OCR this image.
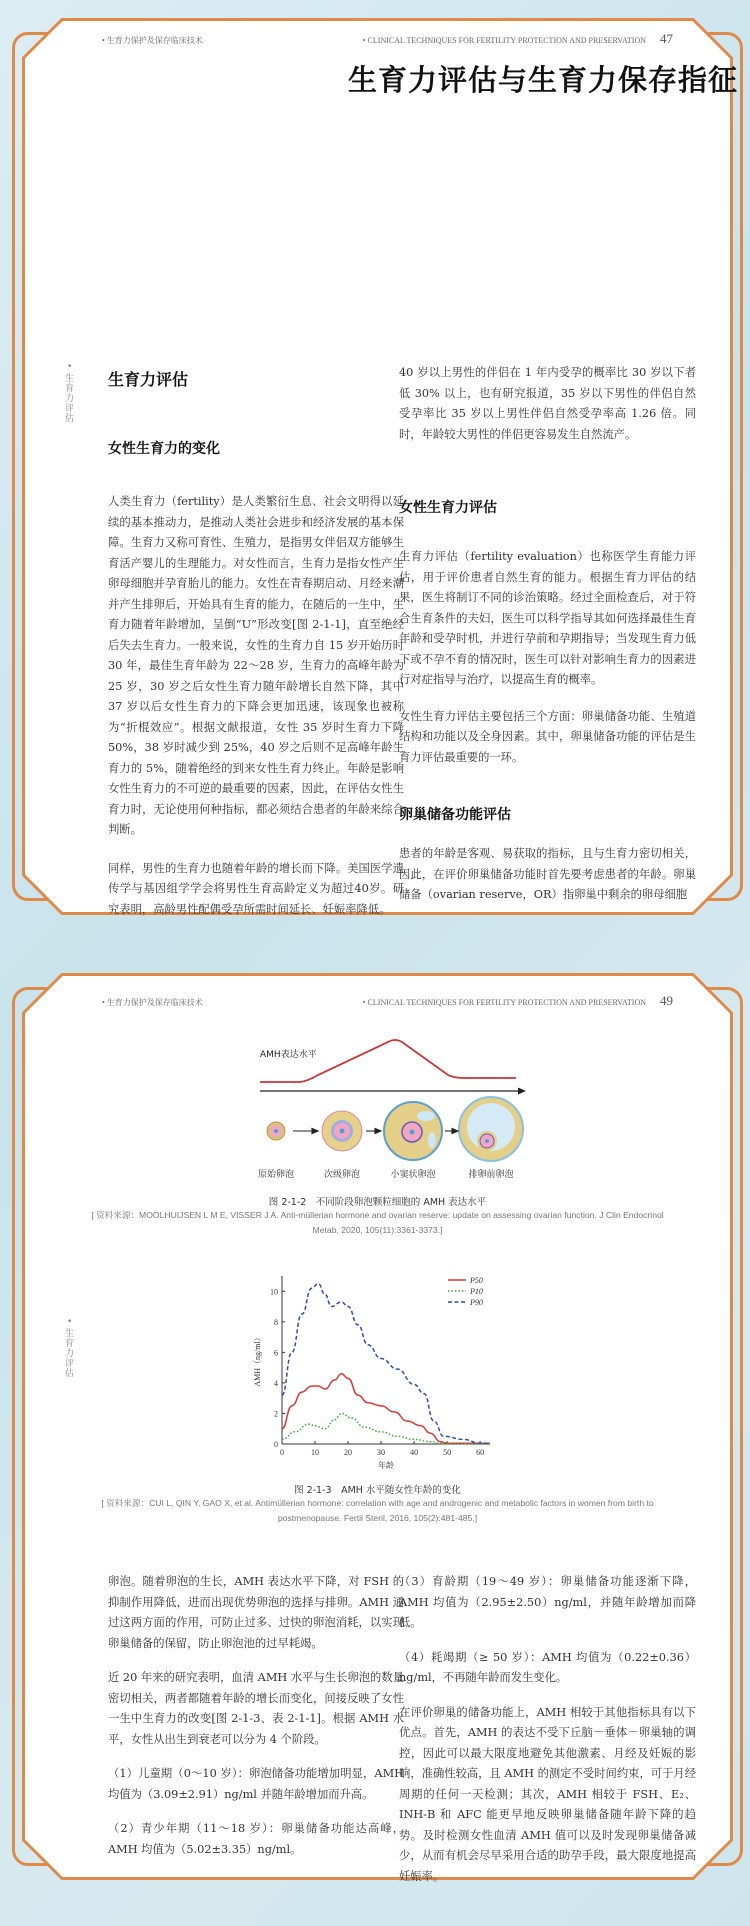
• 生育力保护及保存临床技术	• CLINICAL TECHNIQUES FOR FERTILITY PROTECTION AND PRESERVATION 47
生育力评估与生育力保存指征
• 生育力评估 生育力评估
女性生育力的变化

人类生育力（fertility）是人类繁衍生息、社会文明得以延续的基本推动力，是推动人类社会进步和经济发展的基本保障。生育力又称可育性、生殖力，是指男女伴侣双方能够生育活产婴儿的生理能力。对女性而言，生育力是指女性产生卵母细胞并孕育胎儿的能力。女性在青春期启动、月经来潮并产生排卵后，开始具有生育的能力，在随后的一生中，生育力随着年龄增加，呈倒“U”形改变[图 2-1-1]，直至绝经后失去生育力。一般来说，女性的生育力自 15 岁开始历时 30 年，最佳生育年龄为 22～28 岁，生育力的高峰年龄为 25 岁，30 岁之后女性生育力随年龄增长自然下降，其中 37 岁以后女性生育力的下降会更加迅速，该现象也被称为“折棍效应”。根据文献报道，女性 35 岁时生育力下降 50%，38 岁时减少到 25%，40 岁之后则不足高峰年龄生育力的 5%，随着绝经的到来女性生育力终止。年龄是影响女性生育力的不可逆的最重要的因素，因此，在评估女性生育力时，无论使用何种指标，都必须结合患者的年龄来综合判断。

同样，男性的生育力也随着年龄的增长而下降。美国医学遗传学与基因组学学会将男性生育高龄定义为超过40岁。研究表明，高龄男性配偶受孕所需时间延长、妊娠率降低。

40 岁以上男性的伴侣在 1 年内受孕的概率比 30 岁以下者低 30% 以上，也有研究报道，35 岁以下男性的伴侣自然受孕率比 35 岁以上男性伴侣自然受孕率高 1.26 倍。同时，年龄较大男性的伴侣更容易发生自然流产。

女性生育力评估

生育力评估（fertility evaluation）也称医学生育能力评估，用于评价患者自然生育的能力。根据生育力评估的结果，医生将制订不同的诊治策略。经过全面检查后，对于符合生育条件的夫妇，医生可以科学指导其如何选择最佳生育年龄和受孕时机，并进行孕前和孕期指导；当发现生育力低下或不孕不育的情况时，医生可以针对影响生育力的因素进行对症指导与治疗，以提高生育的概率。

女性生育力评估主要包括三个方面：卵巢储备功能、生殖道结构和功能以及全身因素。其中，卵巢储备功能的评估是生育力评估最重要的一环。

卵巢储备功能评估

患者的年龄是客观、易获取的指标，且与生育力密切相关，因此，在评价卵巢储备功能时首先要考虑患者的年龄。卵巢储备（ovarian reserve，OR）指卵巢中剩余的卵母细胞

• 生育力保护及保存临床技术	• CLINICAL TECHNIQUES FOR FERTILITY PROTECTION AND PRESERVATION 49
• 生育力评估
AMH表达水平
原始卵泡	次级卵泡	小窦状卵泡	排卵前卵泡
图 2-1-2　不同阶段卵泡颗粒细胞的 AMH 表达水平
[ 资料来源：MOOLHUIJSEN L M E, VISSER J A. Anti-müllerian hormone and ovarian reserve: update on assessing ovarian function. J Clin Endocrinol Metab, 2020, 105(11):3361-3373.]
0	10	20	30	40	50	60
0
2
4
6
8
10
年龄
AMH（ng/ml）
P50
P10
P90
图 2-1-3　AMH 水平随女性年龄的变化
[ 资料来源：CUI L, QIN Y, GAO X, et al. Antimüllerian hormone: correlation with age and androgenic and metabolic factors in women from birth to postmenopause. Fertil Steril, 2016, 105(2):481-485.]

卵泡。随着卵泡的生长，AMH 表达水平下降，对 FSH 的抑制作用降低，进而出现优势卵泡的选择与排卵。AMH 通过这两方面的作用，可防止过多、过快的卵泡消耗，以实现卵巢储备的保留，防止卵泡池的过早耗竭。

近 20 年来的研究表明，血清 AMH 水平与生长卵泡的数量密切相关，两者都随着年龄的增长而变化，间接反映了女性一生中生育力的改变[图 2-1-3、表 2-1-1]。根据 AMH 水平，女性从出生到衰老可以分为 4 个阶段。

（1）儿童期（0～10 岁）：卵泡储备功能增加明显，AMH 均值为（3.09±2.91）ng/ml 并随年龄增加而升高。

（2）青少年期（11～18 岁）：卵巢储备功能达高峰，AMH 均值为（5.02±3.35）ng/ml。

（3）育龄期（19～49 岁）：卵巢储备功能逐渐下降，AMH 均值为（2.95±2.50）ng/ml，并随年龄增加而降低。

（4）耗竭期（≥ 50 岁）：AMH 均值为（0.22±0.36）ng/ml，不再随年龄而发生变化。

在评价卵巢的储备功能上，AMH 相较于其他指标具有以下优点。首先，AMH 的表达不受下丘脑－垂体－卵巢轴的调控，因此可以最大限度地避免其他激素、月经及妊娠的影响，准确性较高，且 AMH 的测定不受时间约束，可于月经周期的任何一天检测；其次，AMH 相较于 FSH、E₂、INH-B 和 AFC 能更早地反映卵巢储备随年龄下降的趋势。及时检测女性血清 AMH 值可以及时发现卵巢储备减少，从而有机会尽早采用合适的助孕手段，最大限度地提高妊娠率。
